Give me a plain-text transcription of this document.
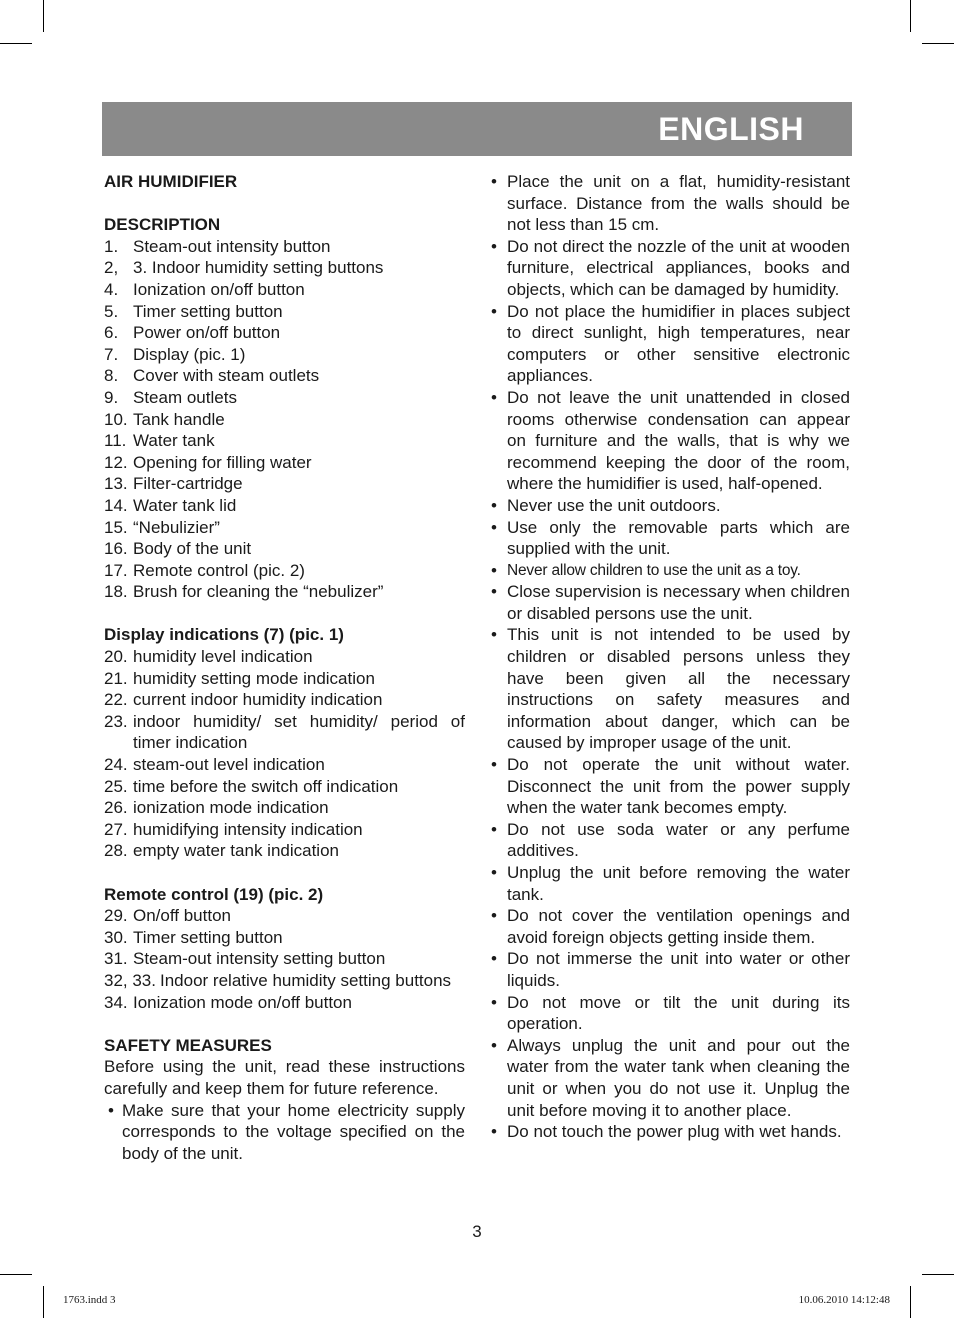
ENGLISH

AIR HUMIDIFIER

DESCRIPTION

1. Steam-out intensity button
2, 3. Indoor humidity setting buttons
4. Ionization on/off button
5. Timer setting button
6. Power on/off button
7. Display (pic. 1)
8. Cover with steam outlets
9. Steam outlets
10. Tank handle
11. Water tank
12. Opening for filling water
13. Filter-cartridge
14. Water tank lid
15. “Nebulizier”
16. Body of the unit
17. Remote control (pic. 2)
18. Brush for cleaning the “nebulizer”

Display indications (7) (pic. 1)

20. humidity level indication
21. humidity setting mode indication
22. current indoor humidity indication
23. indoor humidity/ set humidity/ period of timer indication
24. steam-out level indication
25. time before the switch off indication
26. ionization mode indication
27. humidifying intensity indication
28. empty water tank indication

Remote control (19) (pic. 2)

29. On/off button
30. Timer setting button
31. Steam-out intensity setting button
32, 33. Indoor relative humidity setting buttons
34. Ionization mode on/off button

SAFETY MEASURES

Before using the unit, read these instructions carefully and keep them for future reference.
• Make sure that your home electricity supply corresponds to the voltage specified on the body of the unit.
• Place the unit on a flat, humidity-resistant surface. Distance from the walls should be not less than 15 cm.
• Do not direct the nozzle of the unit at wooden furniture, electrical appliances, books and objects, which can be damaged by humidity.
• Do not place the humidifier in places subject to direct sunlight, high temperatures, near computers or other sensitive electronic appliances.
• Do not leave the unit unattended in closed rooms otherwise condensation can appear on furniture and the walls, that is why we recommend keeping the door of the room, where the humidifier is used, half-opened.
• Never use the unit outdoors.
• Use only the removable parts which are supplied with the unit.
• Never allow children to use the unit as a toy.
• Close supervision is necessary when children or disabled persons use the unit.
• This unit is not intended to be used by children or disabled persons unless they have been given all the necessary instructions on safety measures and information about danger, which can be caused by improper usage of the unit.
• Do not operate the unit without water. Disconnect the unit from the power supply when the water tank becomes empty.
• Do not use soda water or any perfume additives.
• Unplug the unit before removing the water tank.
• Do not cover the ventilation openings and avoid foreign objects getting inside them.
• Do not immerse the unit into water or other liquids.
• Do not move or tilt the unit during its operation.
• Always unplug the unit and pour out the water from the water tank when cleaning the unit or when you do not use it. Unplug the unit before moving it to another place.
• Do not touch the power plug with wet hands.
3
1763.indd 3	10.06.2010 14:12:48
